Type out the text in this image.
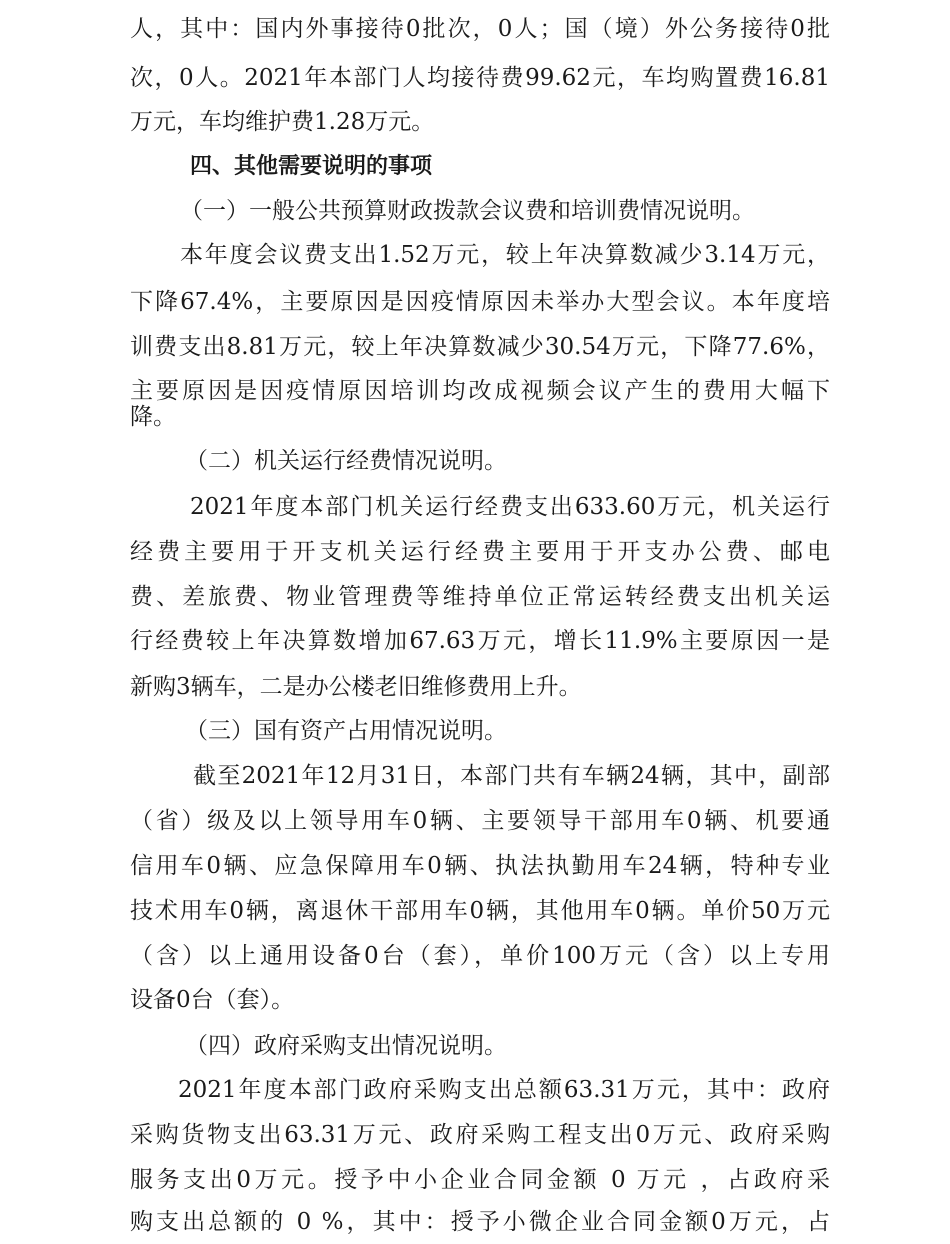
人，其中：国内外事接待0批次，0人；国（境）外公务接待0批
次，0人。2021年本部门人均接待费99.62元，车均购置费16.81
万元，车均维护费1.28万元。
四、其他需要说明的事项
（一）一般公共预算财政拨款会议费和培训费情况说明。
本年度会议费支出1.52万元，较上年决算数减少3.14万元，
下降67.4%，主要原因是因疫情原因未举办大型会议。本年度培
训费支出8.81万元，较上年决算数减少30.54万元，下降77.6%，
主要原因是因疫情原因培训均改成视频会议产生的费用大幅下
降。
（二）机关运行经费情况说明。
2021年度本部门机关运行经费支出633.60万元，机关运行
经费主要用于开支机关运行经费主要用于开支办公费、邮电
费、差旅费、物业管理费等维持单位正常运转经费支出机关运
行经费较上年决算数增加67.63万元，增长11.9%主要原因一是
新购3辆车，二是办公楼老旧维修费用上升。
（三）国有资产占用情况说明。
截至2021年12月31日，本部门共有车辆24辆，其中，副部
（省）级及以上领导用车0辆、主要领导干部用车0辆、机要通
信用车0辆、应急保障用车0辆、执法执勤用车24辆，特种专业
技术用车0辆，离退休干部用车0辆，其他用车0辆。单价50万元
（含）以上通用设备0台（套），单价100万元（含）以上专用
设备0台（套）。
（四）政府采购支出情况说明。
2021年度本部门政府采购支出总额63.31万元，其中：政府
采购货物支出63.31万元、政府采购工程支出0万元、政府采购
服务支出0万元。授予中小企业合同金额 0 万元 ，占政府采
购支出总额的 0 %，其中：授予小微企业合同金额0万元，占
